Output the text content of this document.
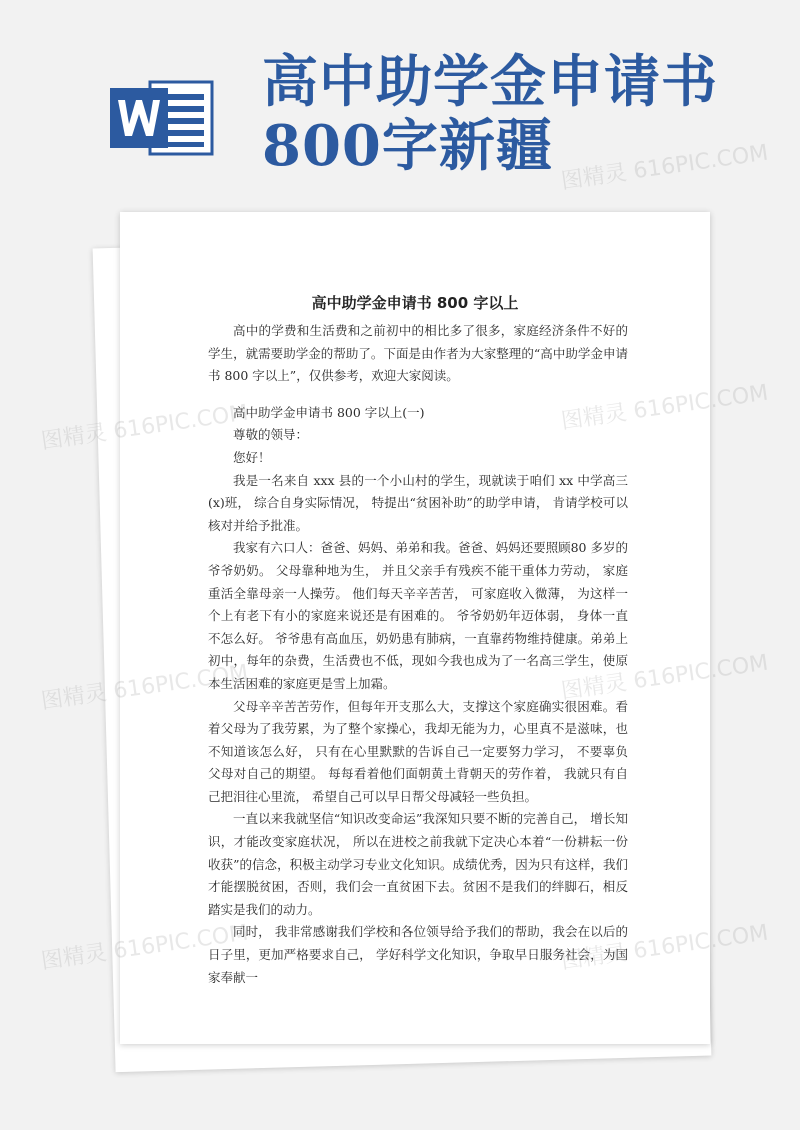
高中助学金申请书
800字新疆
高中助学金申请书 800 字以上

高中的学费和生活费和之前初中的相比多了很多，家庭经济条件不好的学生，就需要助学金的帮助了。下面是由作者为大家整理的“高中助学金申请书 800 字以上”，仅供参考，欢迎大家阅读。

高中助学金申请书 800 字以上(一)

尊敬的领导：

您好！

我是一名来自 xxx 县的一个小山村的学生，现就读于咱们 xx 中学高三(x)班， 综合自身实际情况， 特提出“贫困补助”的助学申请， 肯请学校可以核对并给予批准。

我家有六口人：爸爸、妈妈、弟弟和我。爸爸、妈妈还要照顾80 多岁的爷爷奶奶。 父母靠种地为生， 并且父亲手有残疾不能干重体力劳动， 家庭重活全靠母亲一人操劳。 他们每天辛辛苦苦， 可家庭收入微薄， 为这样一个上有老下有小的家庭来说还是有困难的。 爷爷奶奶年迈体弱， 身体一直不怎么好。 爷爷患有高血压，奶奶患有肺病，一直靠药物维持健康。弟弟上初中，每年的杂费，生活费也不低，现如今我也成为了一名高三学生，使原本生活困难的家庭更是雪上加霜。

父母辛辛苦苦劳作，但每年开支那么大，支撑这个家庭确实很困难。看着父母为了我劳累，为了整个家操心，我却无能为力，心里真不是滋味，也不知道该怎么好， 只有在心里默默的告诉自己一定要努力学习， 不要辜负父母对自己的期望。 每每看着他们面朝黄土背朝天的劳作着， 我就只有自己把泪往心里流， 希望自己可以早日帮父母减轻一些负担。

一直以来我就坚信“知识改变命运”我深知只要不断的完善自己， 增长知识，才能改变家庭状况， 所以在进校之前我就下定决心本着“一份耕耘一份收获”的信念，积极主动学习专业文化知识。成绩优秀，因为只有这样，我们才能摆脱贫困，否则，我们会一直贫困下去。贫困不是我们的绊脚石，相反踏实是我们的动力。

同时， 我非常感谢我们学校和各位领导给予我们的帮助，我会在以后的日子里，更加严格要求自己， 学好科学文化知识，争取早日服务社会，为国家奉献一

图精灵 616PIC.COM	图精灵 616PIC.COM
图精灵 616PIC.COM	图精灵 616PIC.COM
图精灵 616PIC.COM	图精灵 616PIC.COM
图精灵 616PIC.COM
